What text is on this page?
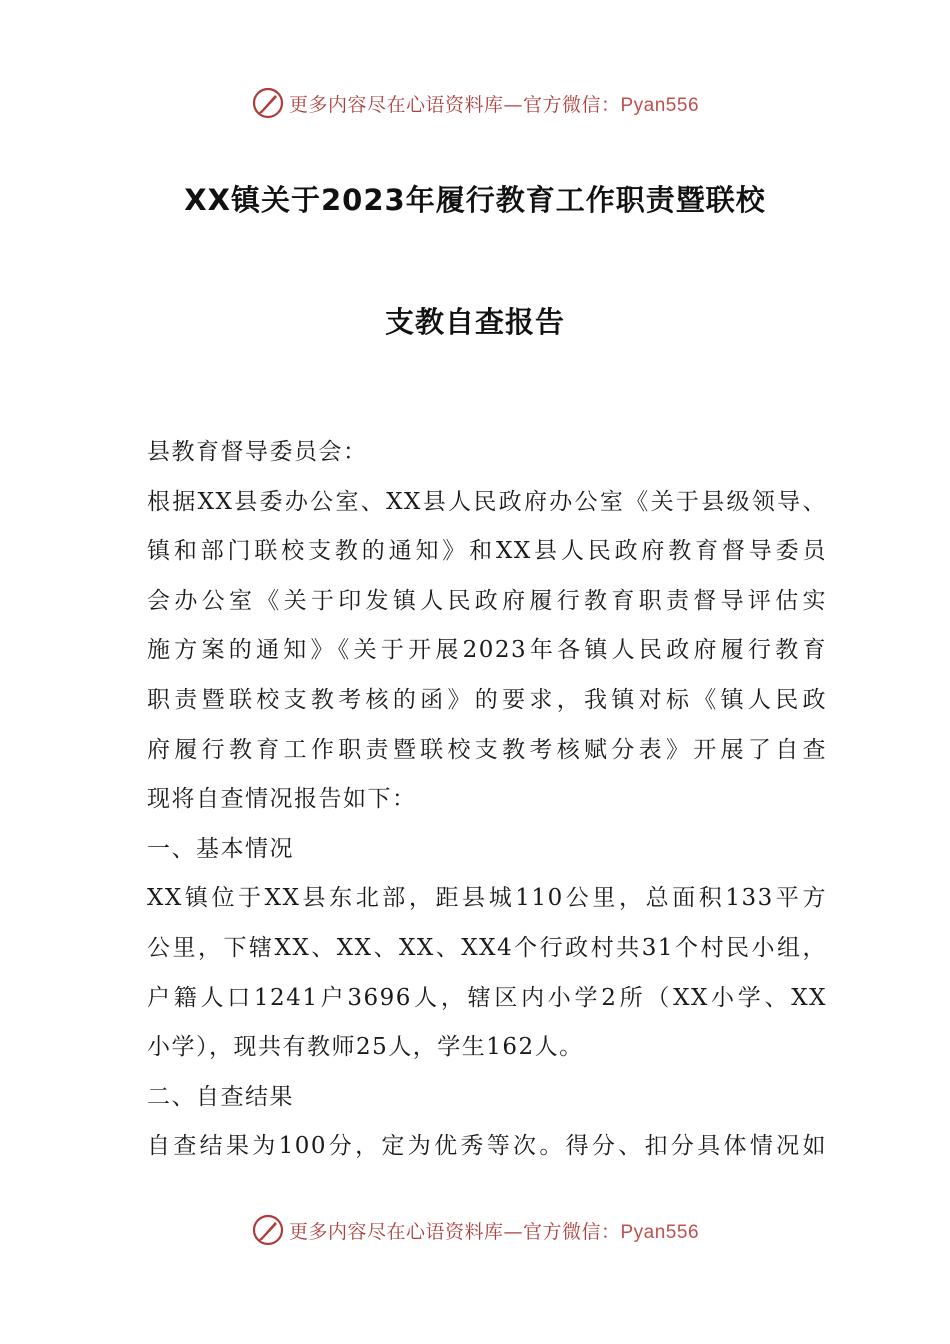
更多内容尽在心语资料库—官方微信：Pyan556
XX镇关于2023年履行教育工作职责暨联校
支教自查报告
县教育督导委员会：
根据XX县委办公室、XX县人民政府办公室《关于县级领导、
镇和部门联校支教的通知》和XX县人民政府教育督导委员
会办公室《关于印发镇人民政府履行教育职责督导评估实
施方案的通知》《关于开展2023年各镇人民政府履行教育
职责暨联校支教考核的函》的要求，我镇对标《镇人民政
府履行教育工作职责暨联校支教考核赋分表》开展了自查
现将自查情况报告如下：
一、基本情况
XX镇位于XX县东北部，距县城110公里，总面积133平方
公里，下辖XX、XX、XX、XX4个行政村共31个村民小组，
户籍人口1241户3696人，辖区内小学2所（XX小学、XX
小学），现共有教师25人，学生162人。
二、自查结果
自查结果为100分，定为优秀等次。得分、扣分具体情况如
更多内容尽在心语资料库—官方微信：Pyan556
